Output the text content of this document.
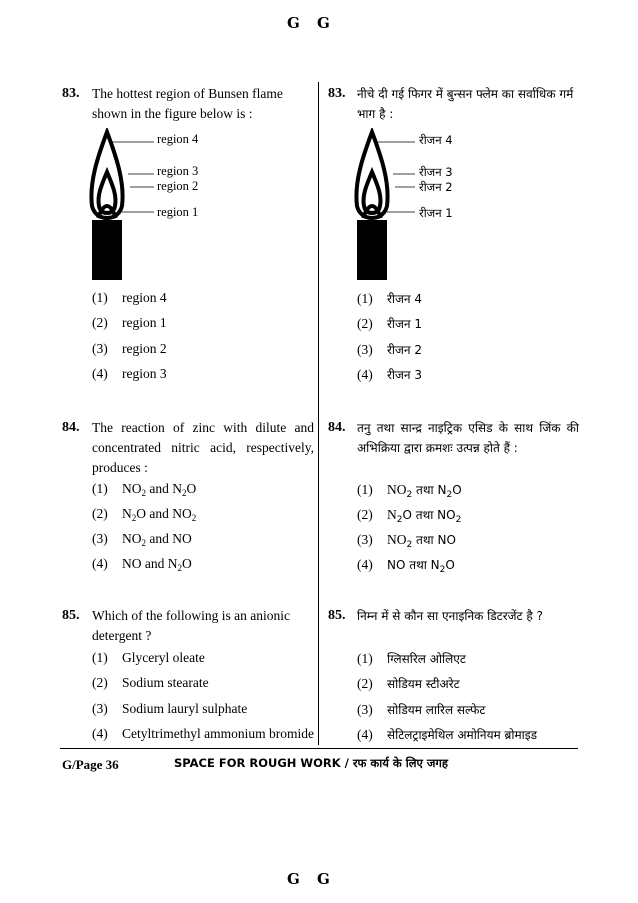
G G
83. The hottest region of Bunsen flame shown in the figure below is :
region 4
region 3
region 2
region 1
(1) region 4
(2) region 1
(3) region 2
(4) region 3
83. नीचे दी गई फिगर में बुन्सन फ्लेम का सर्वाधिक गर्म भाग है :
रीजन 4
रीजन 3
रीजन 2
रीजन 1
(1) रीजन 4
(2) रीजन 1
(3) रीजन 2
(4) रीजन 3
84. The reaction of zinc with dilute and concentrated nitric acid, respectively, produces :
(1) $NO_2$ and $N_2O$
(2) $N_2O$ and $NO_2$
(3) $NO_2$ and NO
(4) NO and $N_2O$
84. तनु तथा सान्द्र नाइट्रिक एसिड के साथ जिंक की अभिक्रिया द्वारा क्रमशः उत्पन्न होते हैं :
(1) $NO_2$ तथा $N_2O$
(2) $N_2O$ तथा $NO_2$
(3) $NO_2$ तथा NO
(4) NO तथा $N_2O$
85. Which of the following is an anionic detergent ?
(1) Glyceryl oleate
(2) Sodium stearate
(3) Sodium lauryl sulphate
(4) Cetyltrimethyl ammonium bromide
85. निम्न में से कौन सा एनाइनिक डिटरजेंट है ?
(1) ग्लिसरिल ओलिएट
(2) सोडियम स्टीअरेट
(3) सोडियम लारिल सल्फेट
(4) सेटिलट्राइमेथिल अमोनियम ब्रोमाइड
G/Page 36	SPACE FOR ROUGH WORK / रफ कार्य के लिए जगह
G G
